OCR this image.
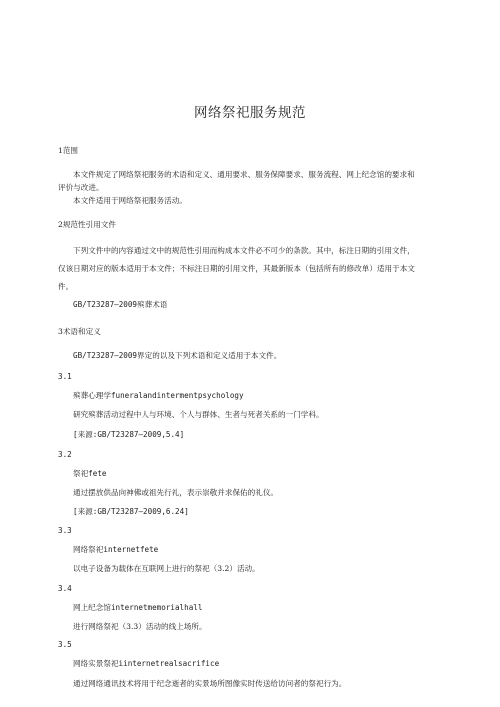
网络祭祀服务规范
1范围
本文件规定了网络祭祀服务的术语和定义、通用要求、服务保障要求、服务流程、网上纪念馆的要求和
评价与改进。
本文件适用于网络祭祀服务活动。
2规范性引用文件
下列文件中的内容通过文中的规范性引用而构成本文件必不可少的条款。其中，标注日期的引用文件，
仅该日期对应的版本适用于本文件；不标注日期的引用文件，其最新版本（包括所有的修改单）适用于本文
件。
GB/T23287—2009殡葬术语
3术语和定义
GB/T23287—2009界定的以及下列术语和定义适用于本文件。
3.1
殡葬心理学funeralandintermentpsychology
研究殡葬活动过程中人与环境、个人与群体、生者与死者关系的一门学科。
[来源:GB/T23287—2009,5.4]
3.2
祭祀fete
通过摆放供品向神佛或祖先行礼，表示崇敬并求保佑的礼仪。
[来源:GB/T23287—2009,6.24]
3.3
网络祭祀internetfete
以电子设备为载体在互联网上进行的祭祀（3.2）活动。
3.4
网上纪念馆internetmemorialhall
进行网络祭祀（3.3）活动的线上场所。
3.5
网络实景祭祀iinternetrealsacrifice
通过网络通讯技术将用于纪念逝者的实景场所图像实时传送给访问者的祭祀行为。
